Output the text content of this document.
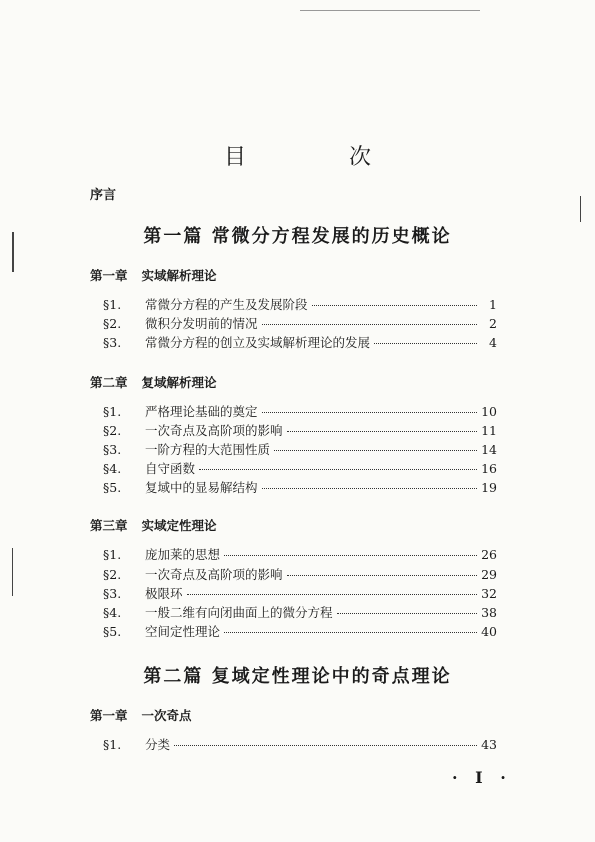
目 次
序言
第一篇 常微分方程发展的历史概论
第一章 实域解析理论
§1.	常微分方程的产生及发展阶段	1
§2.	微积分发明前的情况	2
§3.	常微分方程的创立及实域解析理论的发展	4
第二章 复域解析理论
§1.	严格理论基础的奠定	10
§2.	一次奇点及高阶项的影响	11
§3.	一阶方程的大范围性质	14
§4.	自守函数	16
§5.	复域中的显易解结构	19
第三章 实域定性理论
§1.	庞加莱的思想	26
§2.	一次奇点及高阶项的影响	29
§3.	极限环	32
§4.	一般二维有向闭曲面上的微分方程	38
§5.	空间定性理论	40
第二篇 复域定性理论中的奇点理论
第一章 一次奇点
§1.	分类	43
· I ·
